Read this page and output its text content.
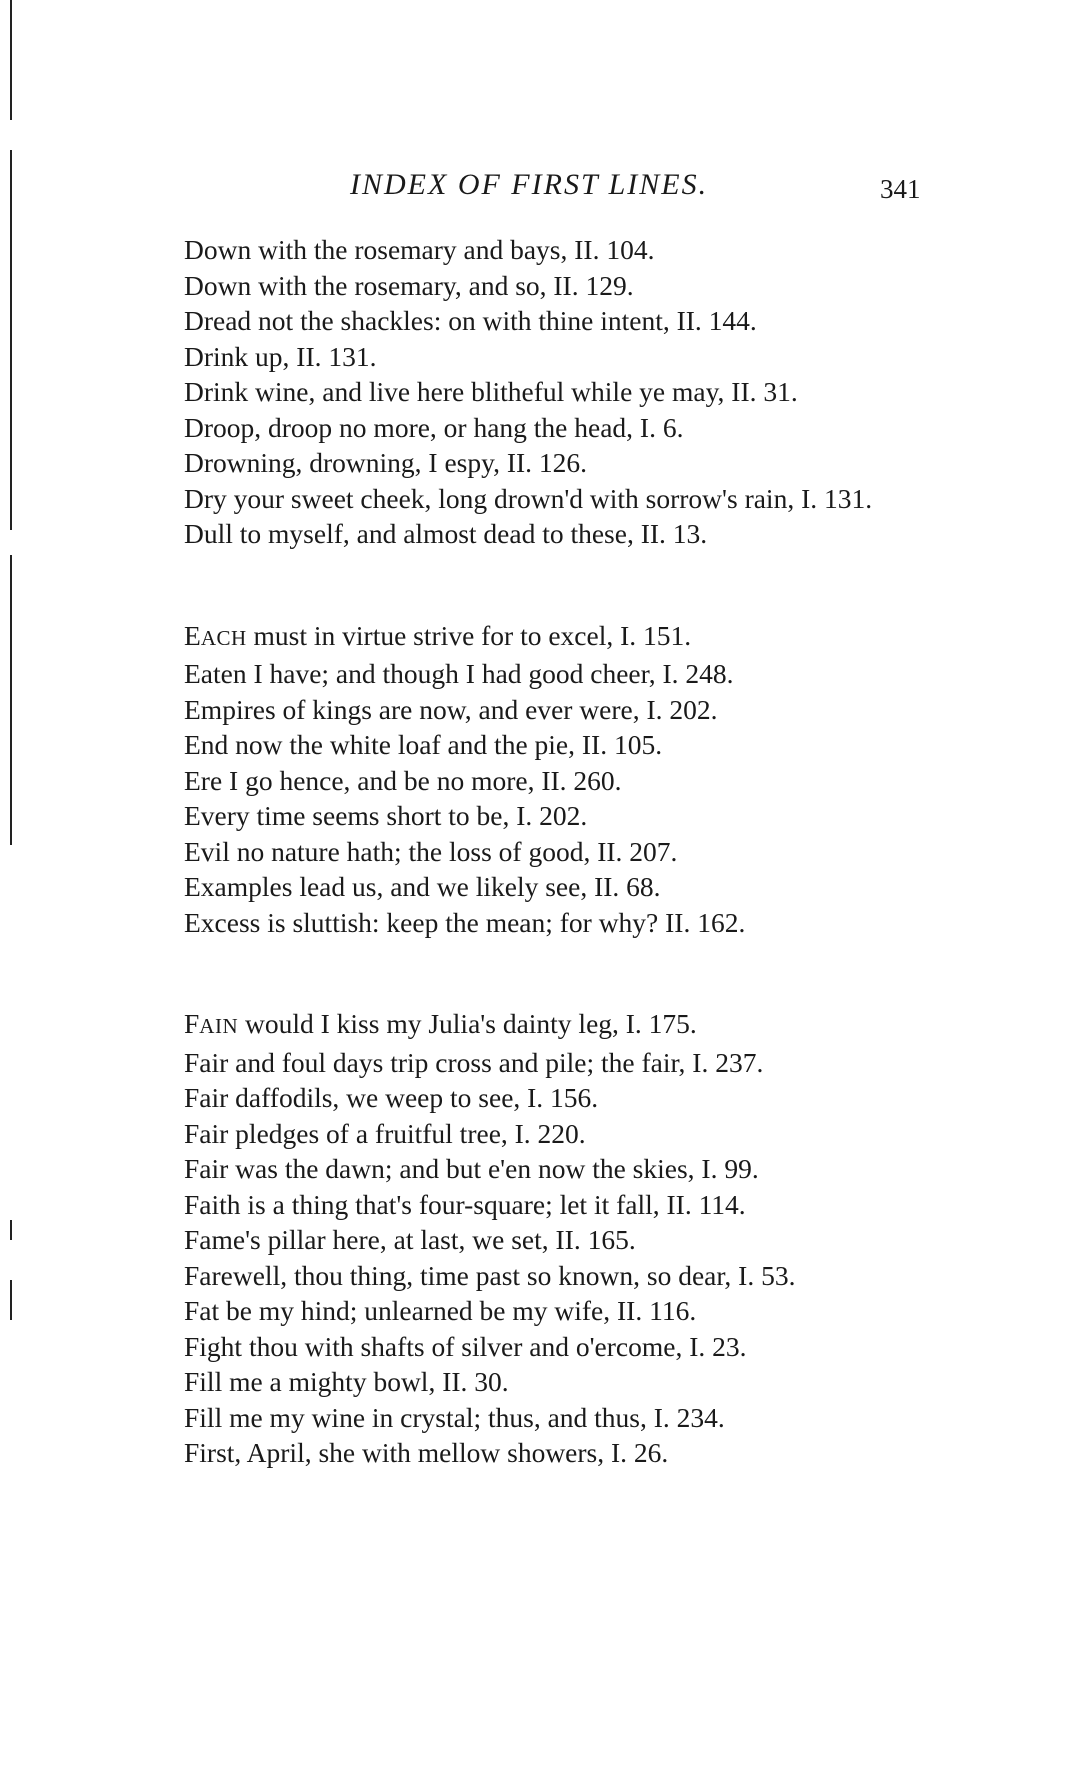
INDEX OF FIRST LINES.	341
Down with the rosemary and bays, II. 104.
Down with the rosemary, and so, II. 129.
Dread not the shackles: on with thine intent, II. 144.
Drink up, II. 131.
Drink wine, and live here blitheful while ye may, II. 31.
Droop, droop no more, or hang the head, I. 6.
Drowning, drowning, I espy, II. 126.
Dry your sweet cheek, long drown'd with sorrow's rain, I. 131.
Dull to myself, and almost dead to these, II. 13.
EACH must in virtue strive for to excel, I. 151.
Eaten I have; and though I had good cheer, I. 248.
Empires of kings are now, and ever were, I. 202.
End now the white loaf and the pie, II. 105.
Ere I go hence, and be no more, II. 260.
Every time seems short to be, I. 202.
Evil no nature hath; the loss of good, II. 207.
Examples lead us, and we likely see, II. 68.
Excess is sluttish: keep the mean; for why? II. 162.
FAIN would I kiss my Julia's dainty leg, I. 175.
Fair and foul days trip cross and pile; the fair, I. 237.
Fair daffodils, we weep to see, I. 156.
Fair pledges of a fruitful tree, I. 220.
Fair was the dawn; and but e'en now the skies, I. 99.
Faith is a thing that's four-square; let it fall, II. 114.
Fame's pillar here, at last, we set, II. 165.
Farewell, thou thing, time past so known, so dear, I. 53.
Fat be my hind; unlearned be my wife, II. 116.
Fight thou with shafts of silver and o'ercome, I. 23.
Fill me a mighty bowl, II. 30.
Fill me my wine in crystal; thus, and thus, I. 234.
First, April, she with mellow showers, I. 26.
